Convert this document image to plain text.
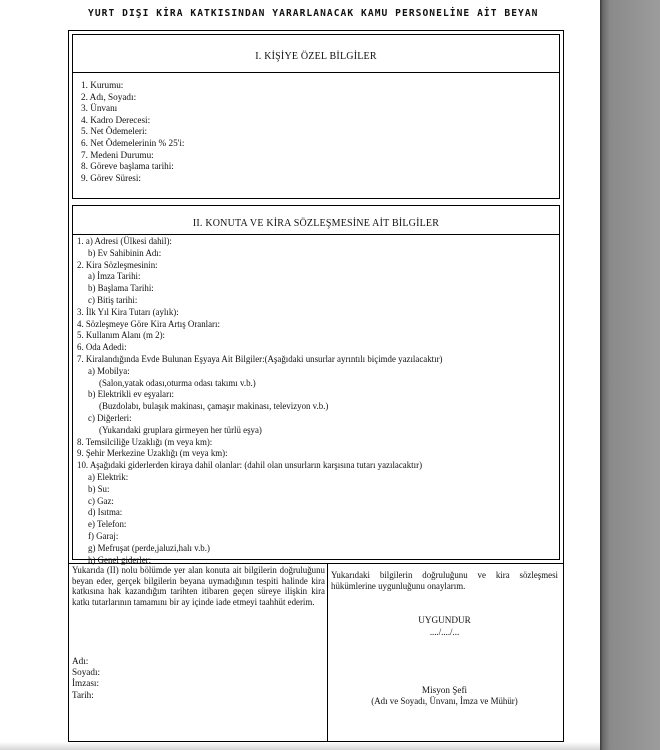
YURT DIŞI KİRA KATKISINDAN YARARLANACAK KAMU PERSONELİNE AİT BEYAN
I. KİŞİYE ÖZEL BİLGİLER
1. Kurumu:
2. Adı, Soyadı:
3. Ünvanı
4. Kadro Derecesi:
5. Net Ödemeleri:
6. Net Ödemelerinin % 25'i:
7. Medeni Durumu:
8. Göreve başlama tarihi:
9. Görev Süresi:
II. KONUTA VE KİRA SÖZLEŞMESİNE AİT BİLGİLER
1. a) Adresi (Ülkesi dahil):
b) Ev Sahibinin Adı:
2. Kira Sözleşmesinin:
a) İmza Tarihi:
b) Başlama Tarihi:
c) Bitiş tarihi:
3. İlk Yıl Kira Tutarı (aylık):
4. Sözleşmeye Göre Kira Artış Oranları:
5. Kullanım Alanı (m 2):
6. Oda Adedi:
7. Kiralandığında Evde Bulunan Eşyaya Ait Bilgiler:(Aşağıdaki unsurlar ayrıntılı biçimde yazılacaktır)
a) Mobilya:
(Salon,yatak odası,oturma odası takımı v.b.)
b) Elektrikli ev eşyaları:
(Buzdolabı, bulaşık makinası, çamaşır makinası, televizyon v.b.)
c) Diğerleri:
(Yukarıdaki gruplara girmeyen her türlü eşya)
8. Temsilciliğe Uzaklığı (m veya km):
9. Şehir Merkezine Uzaklığı (m veya km):
10. Aşağıdaki giderlerden kiraya dahil olanlar: (dahil olan unsurların karşısına tutarı yazılacaktır)
a) Elektrik:
b) Su:
c) Gaz:
d) Isıtma:
e) Telefon:
f) Garaj:
g) Mefruşat (perde,jaluzi,halı v.b.)
h) Genel giderler:
Yukarıda (II) nolu bölümde yer alan konuta ait bilgilerin doğruluğunu beyan eder, gerçek bilgilerin beyana uymadığının tespiti halinde kira katkısına hak kazandığım tarihten itibaren geçen süreye ilişkin kira katkı tutarlarının tamamını bir ay içinde iade etmeyi taahhüt ederim.
Adı:
Soyadı:
İmzası:
Tarih:
Yukarıdaki bilgilerin doğruluğunu ve kira sözleşmesi hükümlerine uygunluğunu onaylarım.
UYGUNDUR
..../..../...
Misyon Şefi
(Adı ve Soyadı, Ünvanı, İmza ve Mühür)
